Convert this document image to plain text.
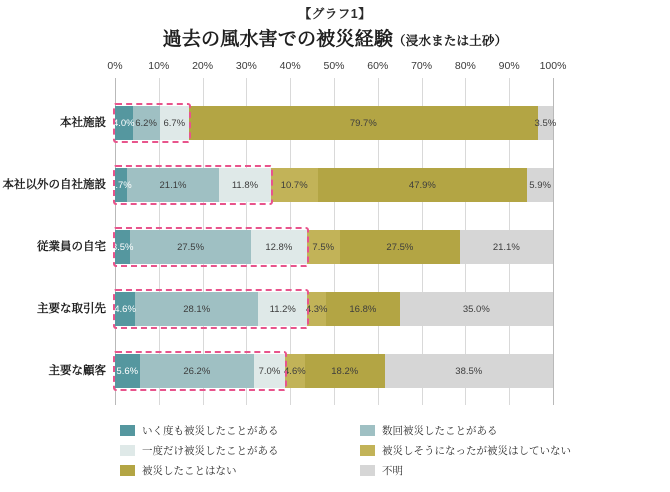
【グラフ1】
過去の風水害での被災経験（浸水または土砂）
0% 10% 20% 30% 40% 50% 60% 70% 80% 90% 100%
本社施設 4.0% 6.2% 6.7%	79.7%	3.5%
本社以外の自社施設 2.7%	21.1%	11.8% 10.7%	47.9%	5.9%
従業員の自宅 3.5%	27.5%	12.8% 7.5%	27.5%	21.1%
主要な取引先 4.6%	28.1%	11.2% 4.3% 16.8%	35.0%
主要な顧客	5.6%	26.2%	7.0% 4.6%	18.2%	38.5%
いく度も被災したことがある	数回被災したことがある
一度だけ被災したことがある	被災しそうになったが被災はしていない
被災したことはない	不明
